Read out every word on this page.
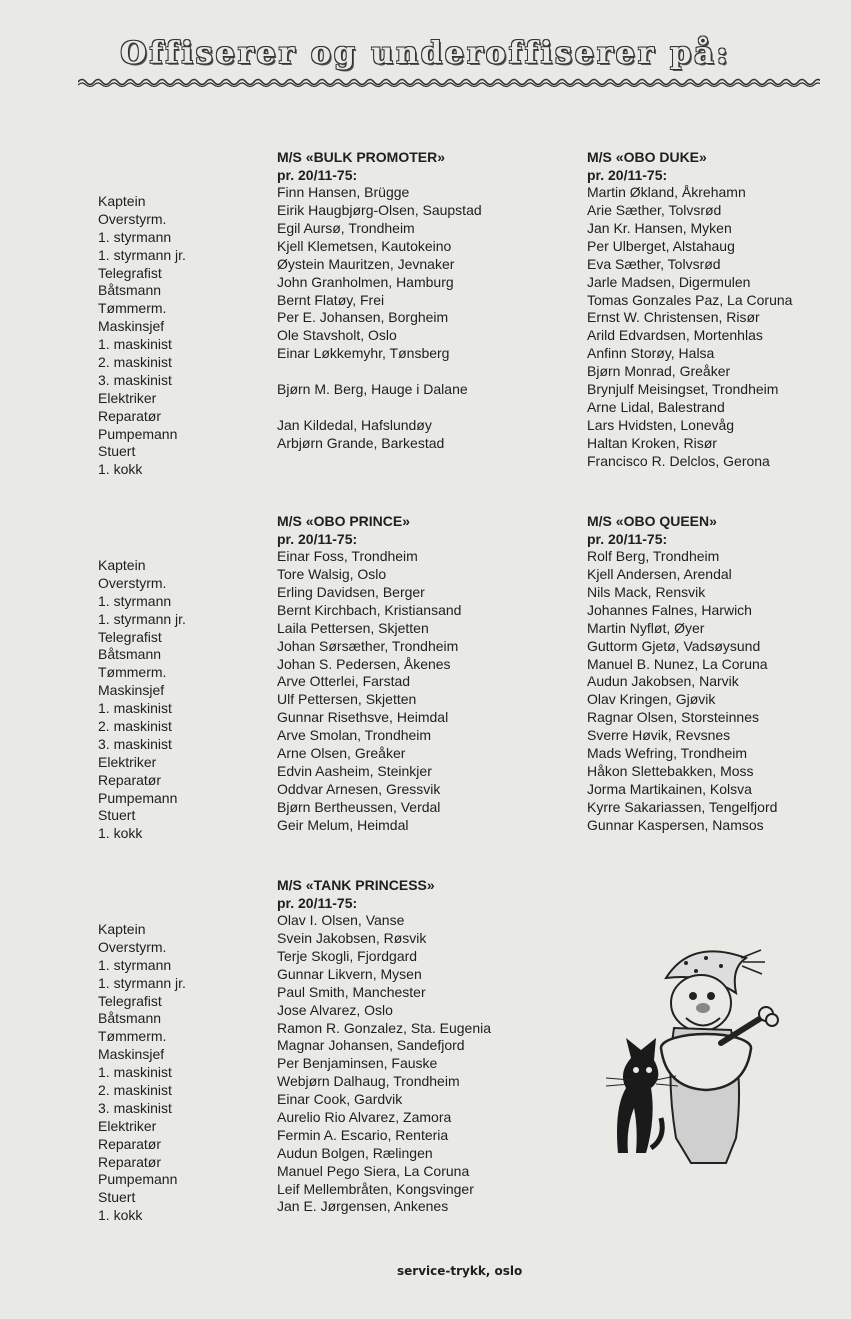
Offiserer og underoffiserer på:
Kaptein
Overstyrm.
1. styrmann
1. styrmann jr.
Telegrafist
Båtsmann
Tømmerm.
Maskinsjef
1. maskinist
2. maskinist
3. maskinist
Elektriker
Reparatør
Pumpemann
Stuert
1. kokk
M/S «BULK PROMOTER»
pr. 20/11-75:
Finn Hansen, Brügge
Eirik Haugbjørg-Olsen, Saupstad
Egil Aursø, Trondheim
Kjell Klemetsen, Kautokeino
Øystein Mauritzen, Jevnaker
John Granholmen, Hamburg
Bernt Flatøy, Frei
Per E. Johansen, Borgheim
Ole Stavsholt, Oslo
Einar Løkkemyhr, Tønsberg
Bjørn M. Berg, Hauge i Dalane
Jan Kildedal, Hafslundøy
Arbjørn Grande, Barkestad
M/S «OBO DUKE»
pr. 20/11-75:
Martin Økland, Åkrehamn
Arie Sæther, Tolvsrød
Jan Kr. Hansen, Myken
Per Ulberget, Alstahaug
Eva Sæther, Tolvsrød
Jarle Madsen, Digermulen
Tomas Gonzales Paz, La Coruna
Ernst W. Christensen, Risør
Arild Edvardsen, Mortenhlas
Anfinn Storøy, Halsa
Bjørn Monrad, Greåker
Brynjulf Meisingset, Trondheim
Arne Lidal, Balestrand
Lars Hvidsten, Lonevåg
Haltan Kroken, Risør
Francisco R. Delclos, Gerona
Kaptein
Overstyrm.
1. styrmann
1. styrmann jr.
Telegrafist
Båtsmann
Tømmerm.
Maskinsjef
1. maskinist
2. maskinist
3. maskinist
Elektriker
Reparatør
Pumpemann
Stuert
1. kokk
M/S «OBO PRINCE»
pr. 20/11-75:
Einar Foss, Trondheim
Tore Walsig, Oslo
Erling Davidsen, Berger
Bernt Kirchbach, Kristiansand
Laila Pettersen, Skjetten
Johan Sørsæther, Trondheim
Johan S. Pedersen, Åkenes
Arve Otterlei, Farstad
Ulf Pettersen, Skjetten
Gunnar Risethsve, Heimdal
Arve Smolan, Trondheim
Arne Olsen, Greåker
Edvin Aasheim, Steinkjer
Oddvar Arnesen, Gressvik
Bjørn Bertheussen, Verdal
Geir Melum, Heimdal
M/S «OBO QUEEN»
pr. 20/11-75:
Rolf Berg, Trondheim
Kjell Andersen, Arendal
Nils Mack, Rensvik
Johannes Falnes, Harwich
Martin Nyfløt, Øyer
Guttorm Gjetø, Vadsøysund
Manuel B. Nunez, La Coruna
Audun Jakobsen, Narvik
Olav Kringen, Gjøvik
Ragnar Olsen, Storsteinnes
Sverre Høvik, Revsnes
Mads Wefring, Trondheim
Håkon Slettebakken, Moss
Jorma Martikainen, Kolsva
Kyrre Sakariassen, Tengelfjord
Gunnar Kaspersen, Namsos
Kaptein
Overstyrm.
1. styrmann
1. styrmann jr.
Telegrafist
Båtsmann
Tømmerm.
Maskinsjef
1. maskinist
2. maskinist
3. maskinist
Elektriker
Reparatør
Reparatør
Pumpemann
Stuert
1. kokk
M/S «TANK PRINCESS»
pr. 20/11-75:
Olav I. Olsen, Vanse
Svein Jakobsen, Røsvik
Terje Skogli, Fjordgard
Gunnar Likvern, Mysen
Paul Smith, Manchester
Jose Alvarez, Oslo
Ramon R. Gonzalez, Sta. Eugenia
Magnar Johansen, Sandefjord
Per Benjaminsen, Fauske
Webjørn Dalhaug, Trondheim
Einar Cook, Gardvik
Aurelio Rio Alvarez, Zamora
Fermin A. Escario, Renteria
Audun Bolgen, Rælingen
Manuel Pego Siera, La Coruna
Leif Mellembråten, Kongsvinger
Jan E. Jørgensen, Ankenes
service-trykk, oslo
